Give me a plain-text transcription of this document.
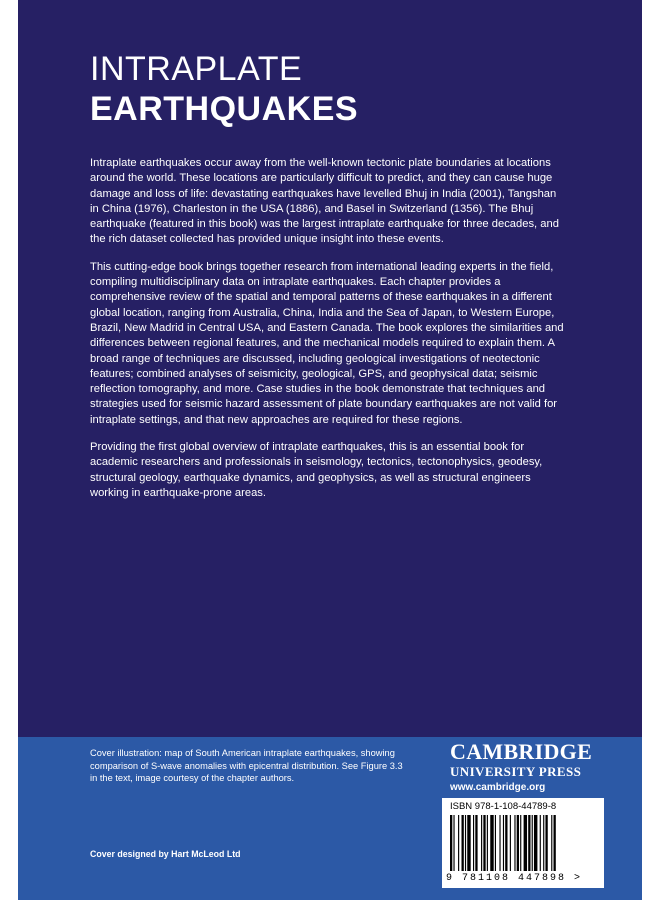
INTRAPLATE
EARTHQUAKES

Intraplate earthquakes occur away from the well-known tectonic plate boundaries at locations around the world. These locations are particularly difficult to predict, and they can cause huge damage and loss of life: devastating earthquakes have levelled Bhuj in India (2001), Tangshan in China (1976), Charleston in the USA (1886), and Basel in Switzerland (1356). The Bhuj earthquake (featured in this book) was the largest intraplate earthquake for three decades, and the rich dataset collected has provided unique insight into these events.

This cutting-edge book brings together research from international leading experts in the field, compiling multidisciplinary data on intraplate earthquakes. Each chapter provides a comprehensive review of the spatial and temporal patterns of these earthquakes in a different global location, ranging from Australia, China, India and the Sea of Japan, to Western Europe, Brazil, New Madrid in Central USA, and Eastern Canada. The book explores the similarities and differences between regional features, and the mechanical models required to explain them. A broad range of techniques are discussed, including geological investigations of neotectonic features; combined analyses of seismicity, geological, GPS, and geophysical data; seismic reflection tomography, and more. Case studies in the book demonstrate that techniques and strategies used for seismic hazard assessment of plate boundary earthquakes are not valid for intraplate settings, and that new approaches are required for these regions.

Providing the first global overview of intraplate earthquakes, this is an essential book for academic researchers and professionals in seismology, tectonics, tectonophysics, geodesy, structural geology, earthquake dynamics, and geophysics, as well as structural engineers working in earthquake-prone areas.

Cover illustration: map of South American intraplate earthquakes, showing comparison of S-wave anomalies with epicentral distribution. See Figure 3.3 in the text, image courtesy of the chapter authors.
Cover designed by Hart McLeod Ltd
CAMBRIDGE
UNIVERSITY PRESS
www.cambridge.org
ISBN 978-1-108-44789-8
9 781108 447898 >
